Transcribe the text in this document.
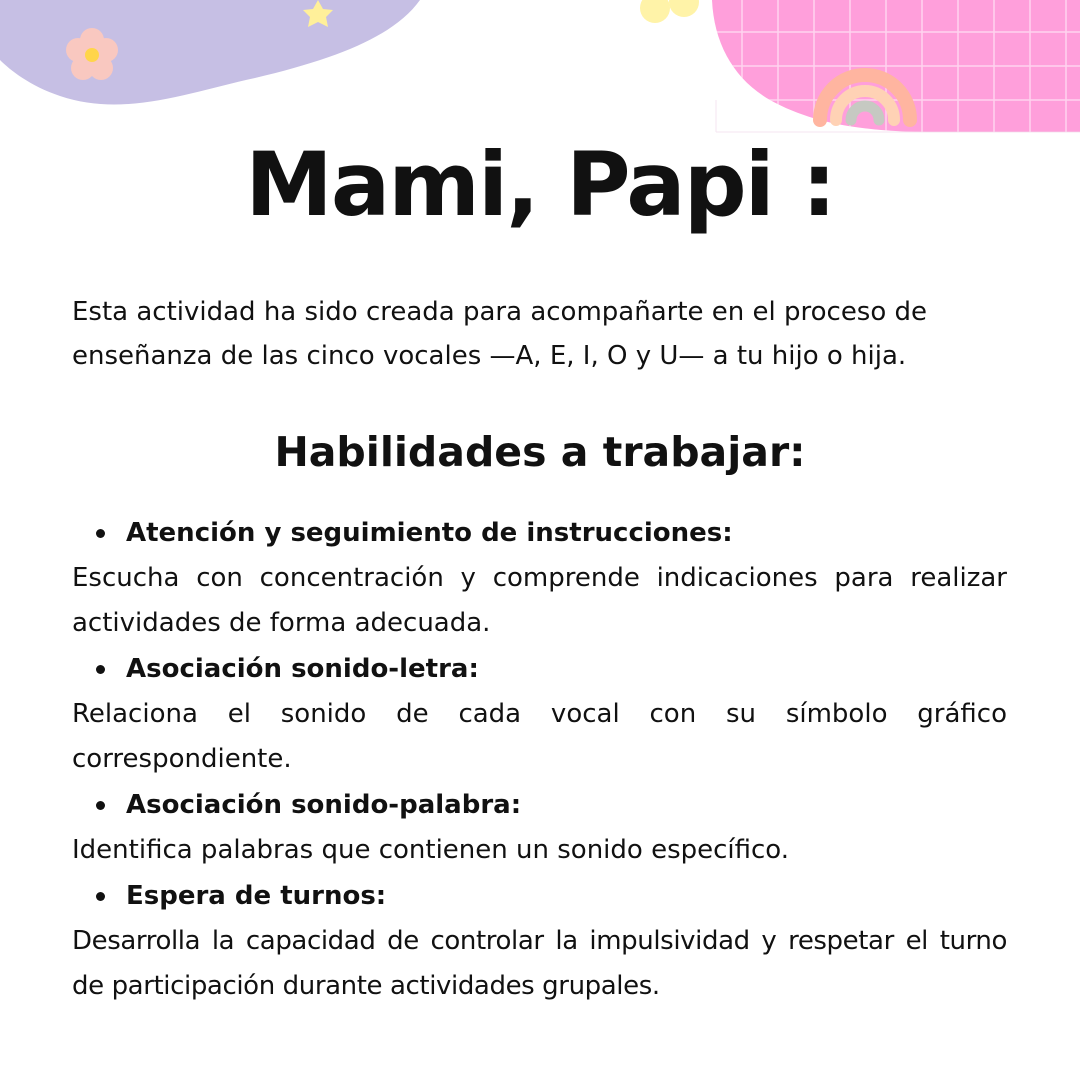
Mami, Papi :

Esta actividad ha sido creada para acompañarte en el proceso de enseñanza de las cinco vocales —A, E, I, O y U— a tu hijo o hija.

Habilidades a trabajar:
Atención y seguimiento de instrucciones:

Escucha con concentración y comprende indicaciones para realizar actividades de forma adecuada.

Asociación sonido-letra:

Relaciona el sonido de cada vocal con su símbolo gráfico correspondiente.

Asociación sonido-palabra:

Identifica palabras que contienen un sonido específico.

Espera de turnos:

Desarrolla la capacidad de controlar la impulsividad y respetar el turno de participación durante actividades grupales.
